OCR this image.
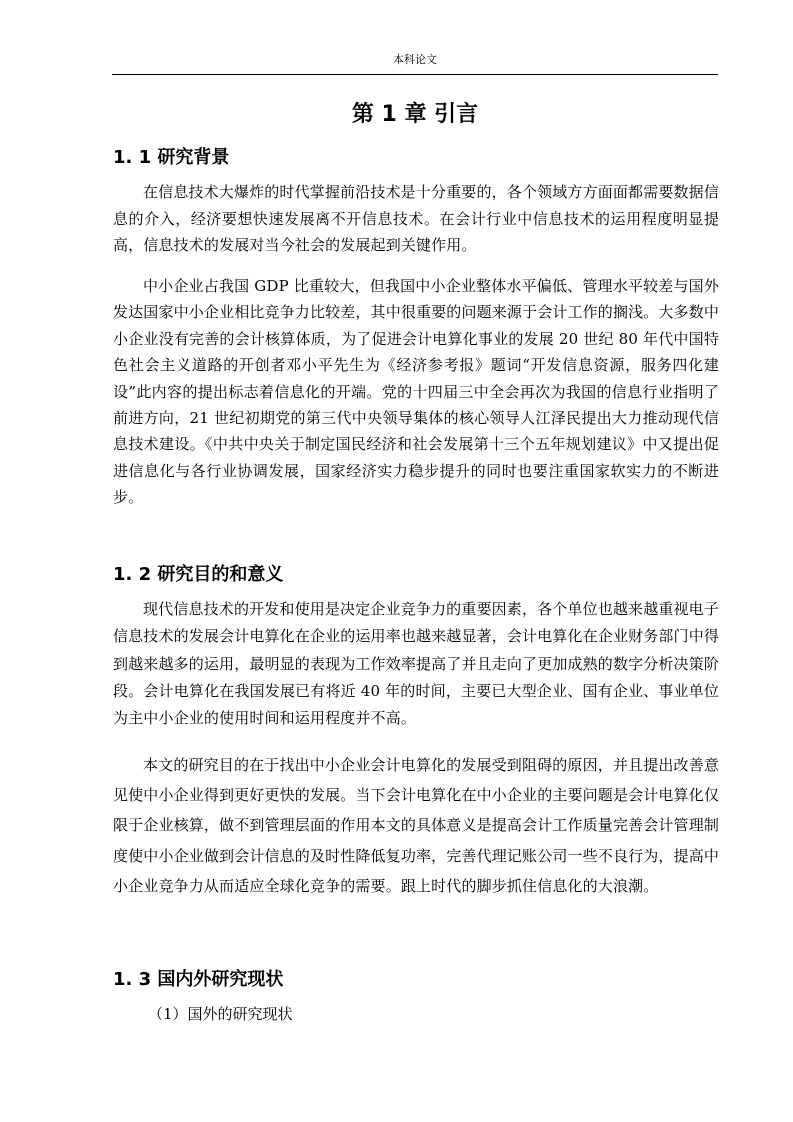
本科论文
第 1 章 引言
1. 1 研究背景

在信息技术大爆炸的时代掌握前沿技术是十分重要的，各个领域方方面面都需要数据信息的介入，经济要想快速发展离不开信息技术。在会计行业中信息技术的运用程度明显提高，信息技术的发展对当今社会的发展起到关键作用。

中小企业占我国 GDP 比重较大，但我国中小企业整体水平偏低、管理水平较差与国外发达国家中小企业相比竞争力比较差，其中很重要的问题来源于会计工作的搁浅。大多数中小企业没有完善的会计核算体质，为了促进会计电算化事业的发展 20 世纪 80 年代中国特色社会主义道路的开创者邓小平先生为《经济参考报》题词“开发信息资源，服务四化建设”此内容的提出标志着信息化的开端。党的十四届三中全会再次为我国的信息行业指明了前进方向，21 世纪初期党的第三代中央领导集体的核心领导人江泽民提出大力推动现代信息技术建设。《中共中央关于制定国民经济和社会发展第十三个五年规划建议》中又提出促进信息化与各行业协调发展，国家经济实力稳步提升的同时也要注重国家软实力的不断进步。

1. 2 研究目的和意义

现代信息技术的开发和使用是决定企业竞争力的重要因素，各个单位也越来越重视电子信息技术的发展会计电算化在企业的运用率也越来越显著，会计电算化在企业财务部门中得到越来越多的运用，最明显的表现为工作效率提高了并且走向了更加成熟的数字分析决策阶段。会计电算化在我国发展已有将近 40 年的时间，主要已大型企业、国有企业、事业单位为主中小企业的使用时间和运用程度并不高。

本文的研究目的在于找出中小企业会计电算化的发展受到阻碍的原因，并且提出改善意见使中小企业得到更好更快的发展。当下会计电算化在中小企业的主要问题是会计电算化仅限于企业核算，做不到管理层面的作用本文的具体意义是提高会计工作质量完善会计管理制度使中小企业做到会计信息的及时性降低复功率，完善代理记账公司一些不良行为，提高中小企业竞争力从而适应全球化竞争的需要。跟上时代的脚步抓住信息化的大浪潮。

1. 3 国内外研究现状
（1）国外的研究现状
